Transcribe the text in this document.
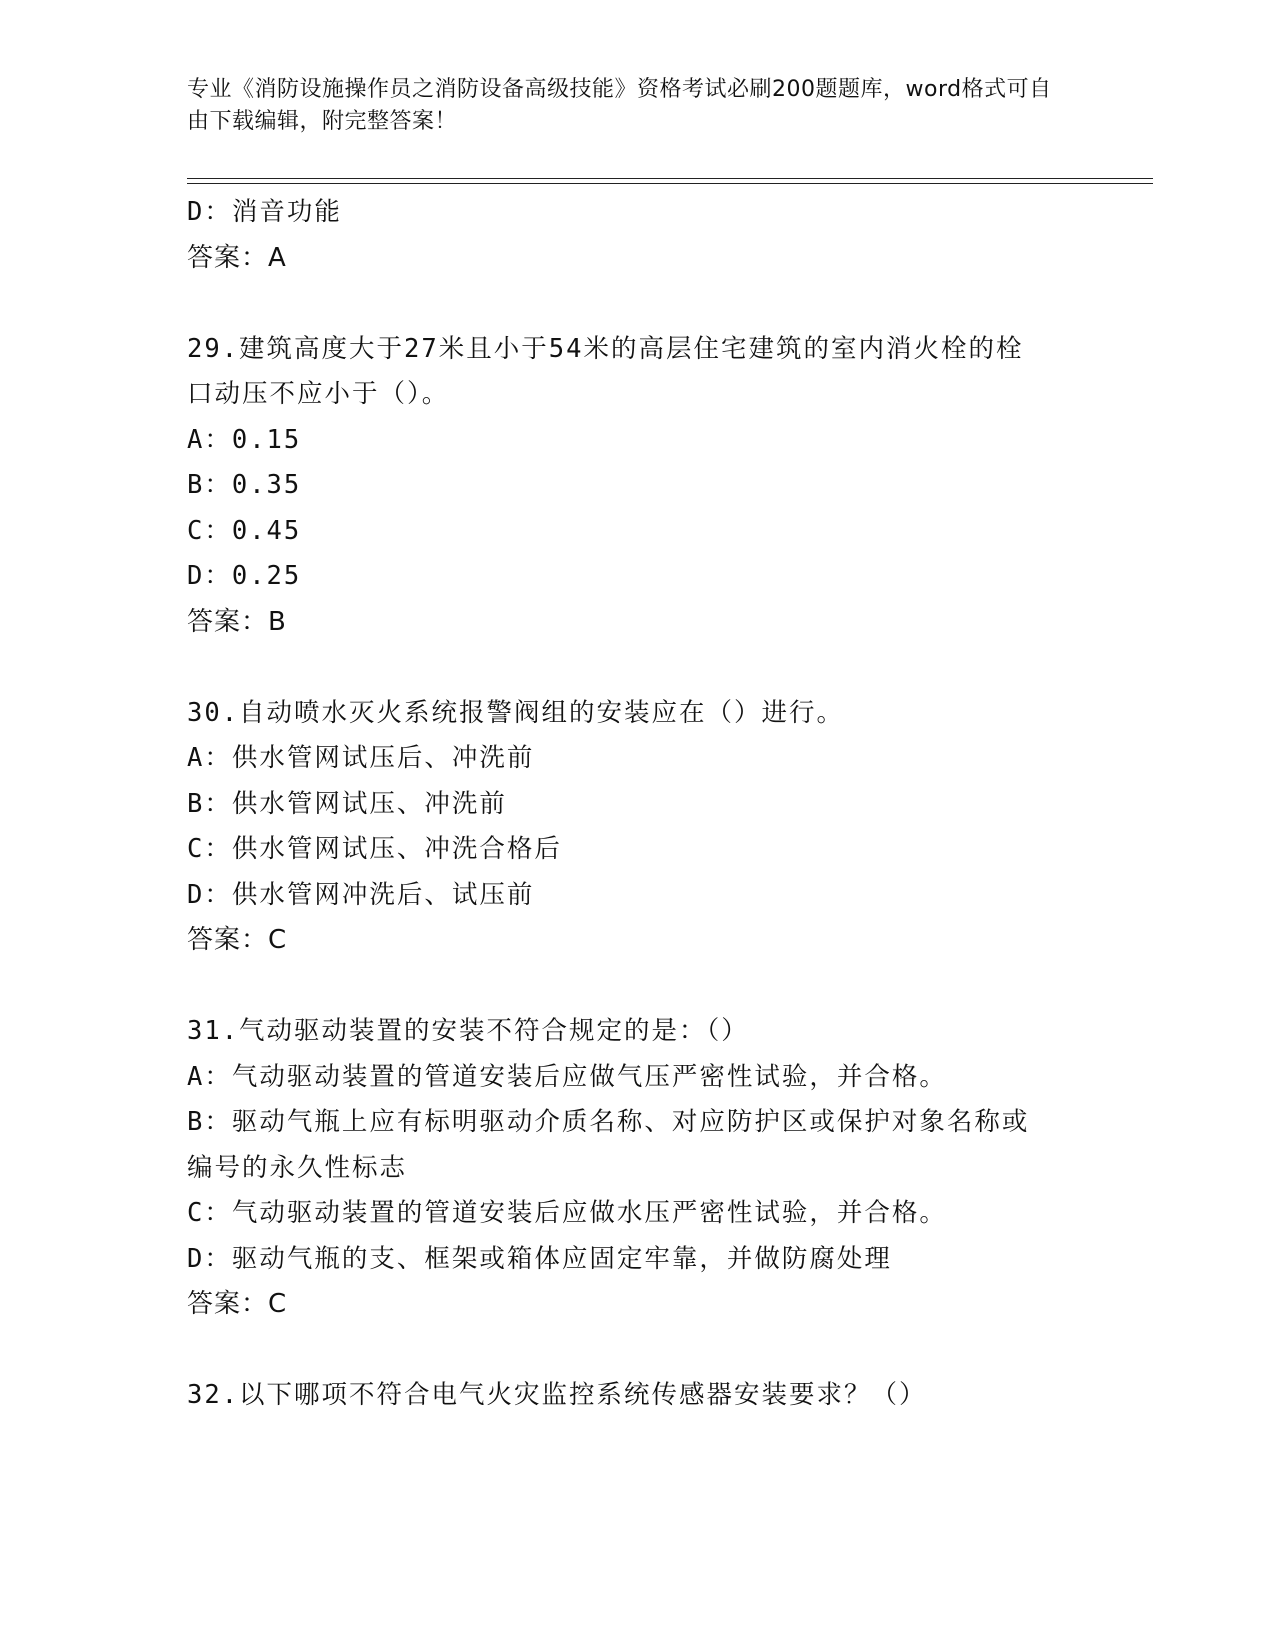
专业《消防设施操作员之消防设备高级技能》资格考试必刷200题题库，word格式可自由下载编辑，附完整答案！
D：消音功能
答案：A
29.建筑高度大于27米且小于54米的高层住宅建筑的室内消火栓的栓
口动压不应小于（）。
A：0.15
B：0.35
C：0.45
D：0.25
答案：B
30.自动喷水灭火系统报警阀组的安装应在（）进行。
A：供水管网试压后、冲洗前
B：供水管网试压、冲洗前
C：供水管网试压、冲洗合格后
D：供水管网冲洗后、试压前
答案：C
31.气动驱动装置的安装不符合规定的是：（）
A：气动驱动装置的管道安装后应做气压严密性试验，并合格。
B：驱动气瓶上应有标明驱动介质名称、对应防护区或保护对象名称或
编号的永久性标志
C：气动驱动装置的管道安装后应做水压严密性试验，并合格。
D：驱动气瓶的支、框架或箱体应固定牢靠，并做防腐处理
答案：C
32.以下哪项不符合电气火灾监控系统传感器安装要求？（）
